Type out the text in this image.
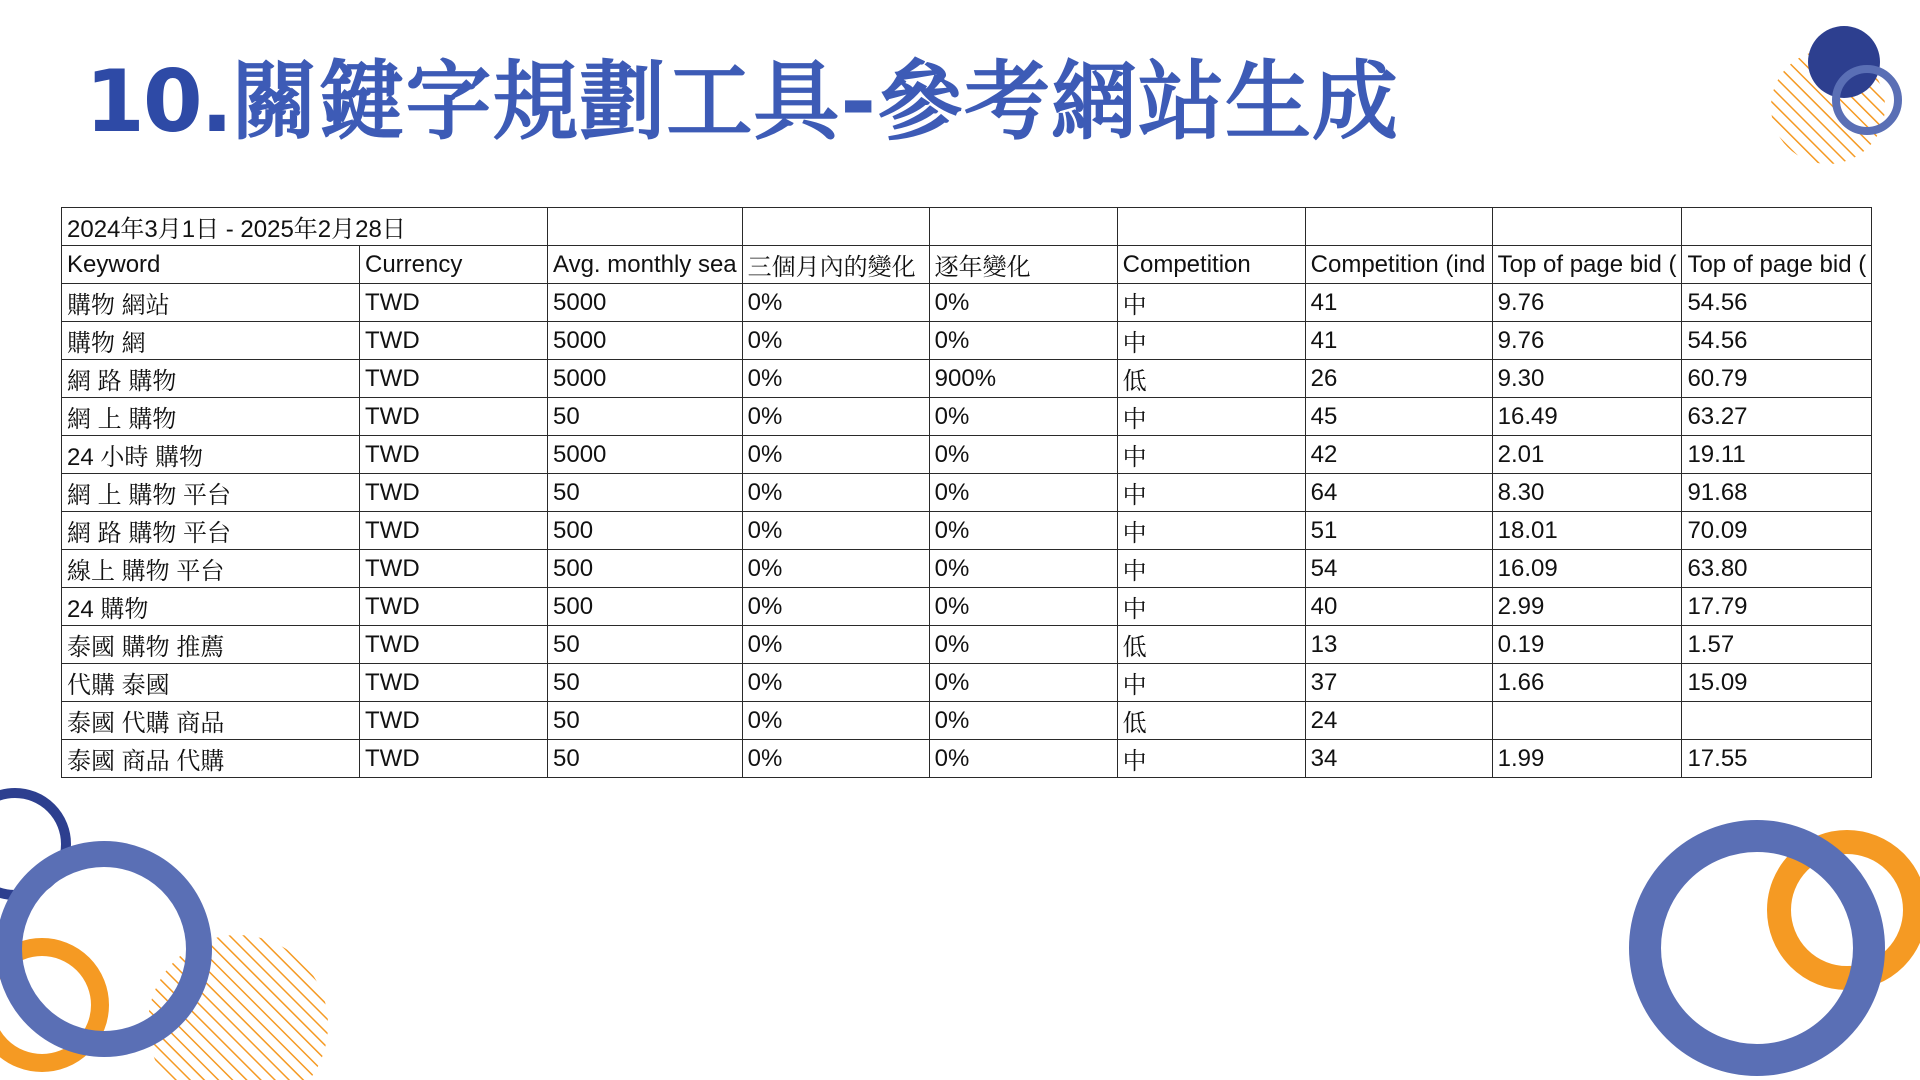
10.關鍵字規劃工具-參考網站生成
2024年3月1日 - 2025年2月28日								
Keyword	Currency	Avg. monthly sea	三個月內的變化	逐年變化	Competition	Competition (ind	Top of page bid (	Top of page bid (
購物 網站	TWD	5000	0%	0%	中	41	9.76	54.56
購物 網	TWD	5000	0%	0%	中	41	9.76	54.56
網 路 購物	TWD	5000	0%	900%	低	26	9.30	60.79
網 上 購物	TWD	50	0%	0%	中	45	16.49	63.27
24 小時 購物	TWD	5000	0%	0%	中	42	2.01	19.11
網 上 購物 平台	TWD	50	0%	0%	中	64	8.30	91.68
網 路 購物 平台	TWD	500	0%	0%	中	51	18.01	70.09
線上 購物 平台	TWD	500	0%	0%	中	54	16.09	63.80
24 購物	TWD	500	0%	0%	中	40	2.99	17.79
泰國 購物 推薦	TWD	50	0%	0%	低	13	0.19	1.57
代購 泰國	TWD	50	0%	0%	中	37	1.66	15.09
泰國 代購 商品	TWD	50	0%	0%	低	24		
泰國 商品 代購	TWD	50	0%	0%	中	34	1.99	17.55
